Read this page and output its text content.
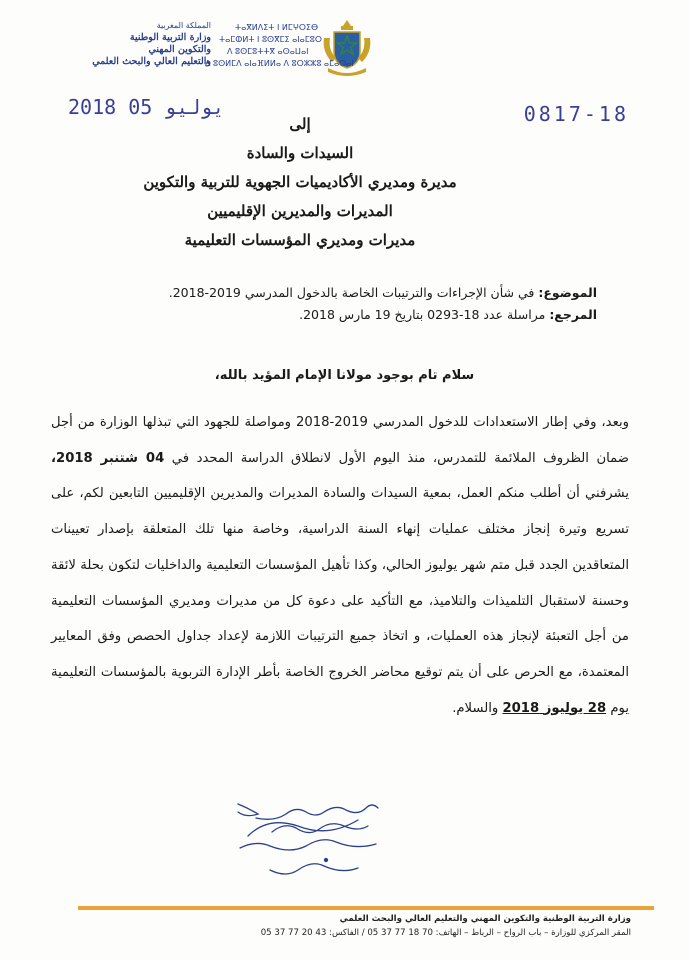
المملكة المغربية
وزارة التربية الوطنية
والتكوين المهني
والتعليم العالي والبحث العلمي
ⵜⴰⴳⵍⴷⵉⵜ ⵏ ⵍⵎⵖⵔⵉⴱ
ⵜⴰⵎⵀⵍⵜ ⵏ ⵓⵙⴳⵎⵉ ⴰⵏⴰⵎⵓⵔ
ⴷ ⵓⵙⵎⵓⵜⵜⴳ ⴰⵙⴰⵡⴰⵏ
ⴷ ⵓⵙⵍⵎⴷ ⴰⵏⴰⴼⵍⵍⴰ ⴷ ⵓⵔⵣⵣⵓ ⴰⵎⴰⵙⴰⵏ
2018 يوليو 05	0817-18
إلى
السيدات والسادة
مديرة ومديري الأكاديميات الجهوية للتربية والتكوين
المديرات والمديرين الإقليميين
مديرات ومديري المؤسسات التعليمية
الموضوع: في شأن الإجراءات والترتيبات الخاصة بالدخول المدرسي 2019-2018.
المرجع: مراسلة عدد 18-0293 بتاريخ 19 مارس 2018.
سلام تام بوجود مولانا الإمام المؤيد بالله،
وبعد، وفي إطار الاستعدادات للدخول المدرسي 2019-2018 ومواصلة للجهود التي تبذلها الوزارة من أجل ضمان الظروف الملائمة للتمدرس، منذ اليوم الأول لانطلاق الدراسة المحدد في 04 شتنبر 2018، يشرفني أن أطلب منكم العمل، بمعية السيدات والسادة المديرات والمديرين الإقليميين التابعين لكم، على تسريع وتيرة إنجاز مختلف عمليات إنهاء السنة الدراسية، وخاصة منها تلك المتعلقة بإصدار تعيينات المتعاقدين الجدد قبل متم شهر يوليوز الحالي، وكذا تأهيل المؤسسات التعليمية والداخليات لتكون بحلة لائقة وحسنة لاستقبال التلميذات والتلاميذ، مع التأكيد على دعوة كل من مديرات ومديري المؤسسات التعليمية من أجل التعبئة لإنجاز هذه العمليات، و اتخاذ جميع الترتيبات اللازمة لإعداد جداول الحصص وفق المعايير المعتمدة، مع الحرص على أن يتم توقيع محاضر الخروج الخاصة بأطر الإدارة التربوية بالمؤسسات التعليمية يوم 28 يوليوز 2018 والسلام.
وزارة التربية الوطنية والتكوين المهني والتعليم العالي والبحث العلمي
المقر المركزي للوزارة – باب الرواح – الرباط – الهاتف: 70 18 77 37 05 / الفاكس: 43 20 77 37 05
